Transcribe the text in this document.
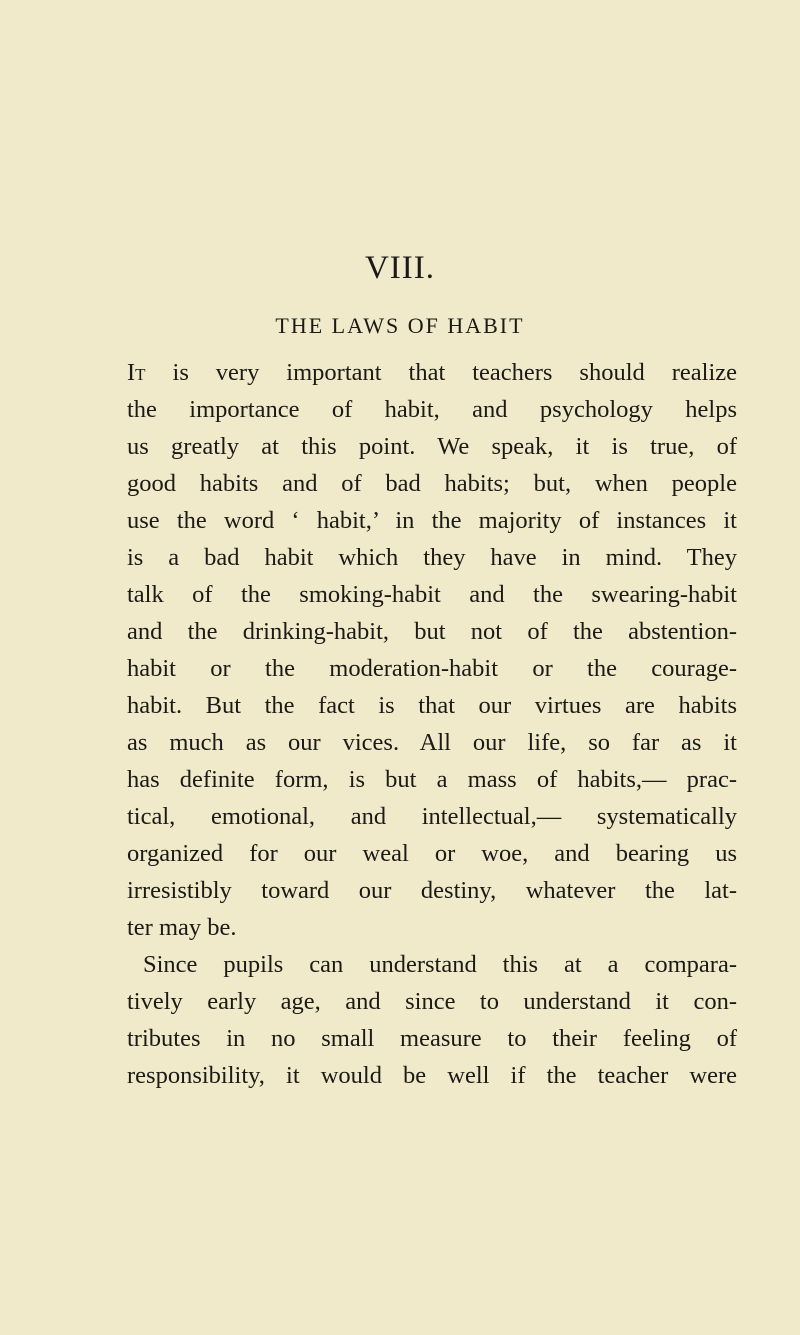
VIII.
THE LAWS OF HABIT
It is very important that teachers should realize
the importance of habit, and psychology helps
us greatly at this point. We speak, it is true, of
good habits and of bad habits; but, when people
use the word ‘ habit,’ in the majority of instances it
is a bad habit which they have in mind. They
talk of the smoking-habit and the swearing-habit
and the drinking-habit, but not of the abstention-
habit or the moderation-habit or the courage-
habit. But the fact is that our virtues are habits
as much as our vices. All our life, so far as it
has definite form, is but a mass of habits,— prac-
tical, emotional, and intellectual,— systematically
organized for our weal or woe, and bearing us
irresistibly toward our destiny, whatever the lat-
ter may be.
Since pupils can understand this at a compara-
tively early age, and since to understand it con-
tributes in no small measure to their feeling of
responsibility, it would be well if the teacher were
